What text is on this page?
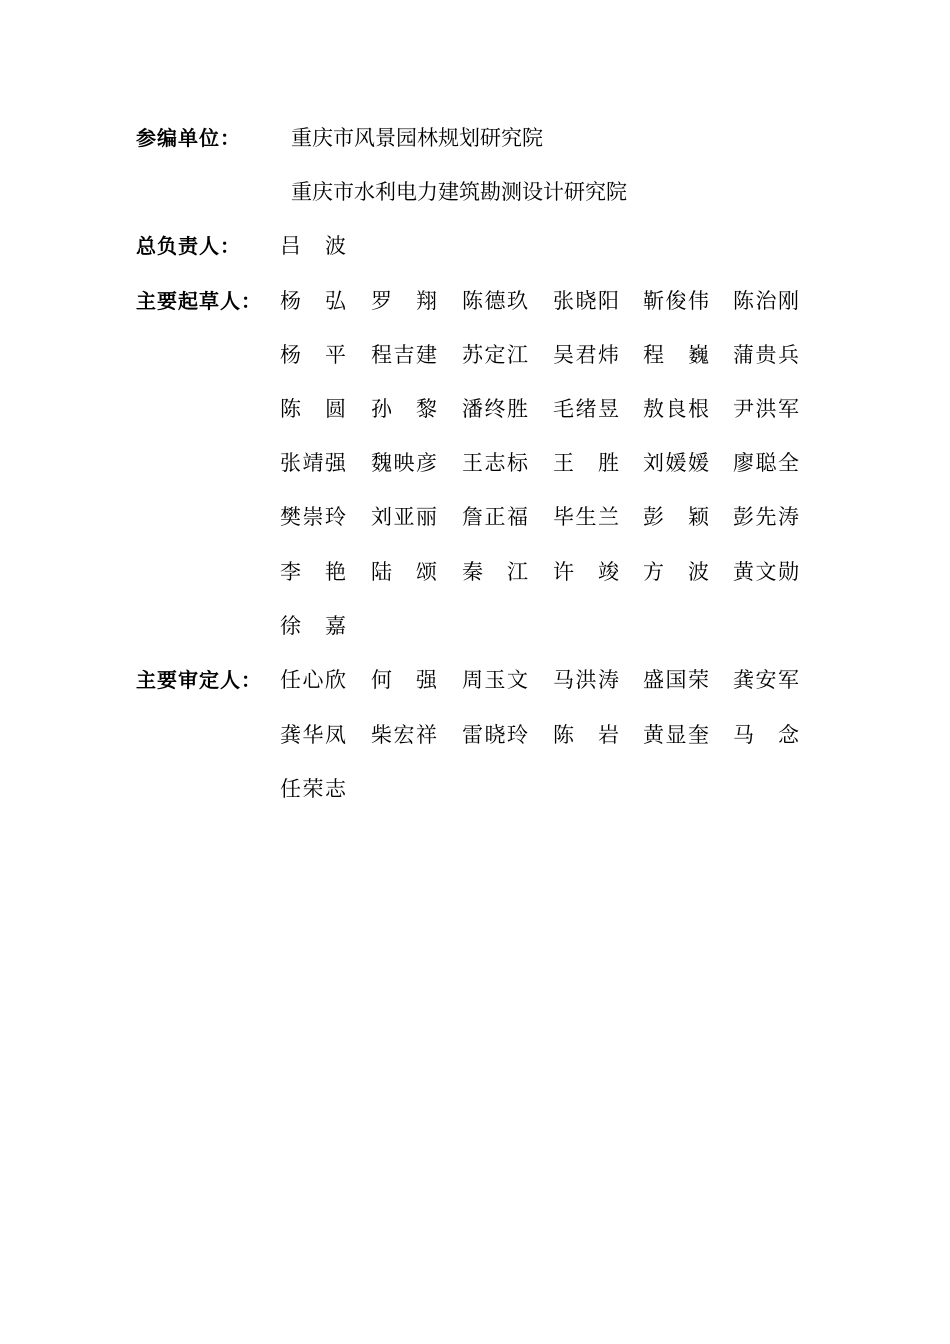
参编单位： 重庆市风景园林规划研究院
重庆市水利电力建筑勘测设计研究院
总负责人： 吕波
主要起草人： 杨弘 罗翔 陈德玖 张晓阳 靳俊伟 陈治刚
杨平 程吉建 苏定江 吴君炜 程巍 蒲贵兵
陈圆 孙黎 潘终胜 毛绪昱 敖良根 尹洪军
张靖强 魏映彦 王志标 王胜 刘媛媛 廖聪全
樊崇玲 刘亚丽 詹正福 毕生兰 彭颖 彭先涛
李艳 陆颂 秦江 许竣 方波 黄文勋
徐嘉
主要审定人： 任心欣 何强 周玉文 马洪涛 盛国荣 龚安军
龚华凤 柴宏祥 雷晓玲 陈岩 黄显奎 马念
任荣志
